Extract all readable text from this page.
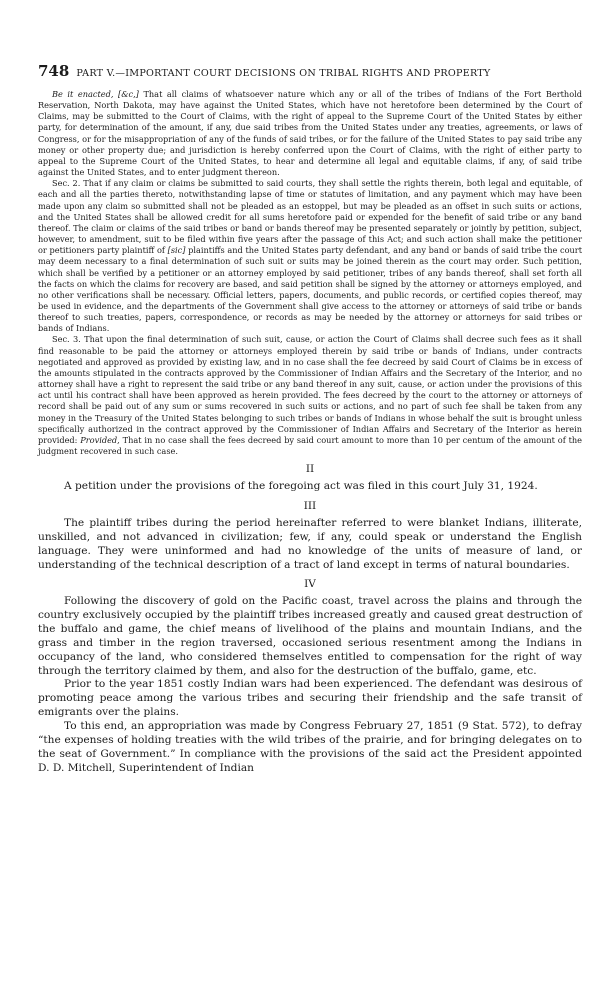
748 PART V.—IMPORTANT COURT DECISIONS ON TRIBAL RIGHTS AND PROPERTY

Be it enacted, [&c,] That all claims of whatsoever nature which any or all of the tribes of Indians of the Fort Berthold Reservation, North Dakota, may have against the United States, which have not heretofore been determined by the Court of Claims, may be submitted to the Court of Claims, with the right of appeal to the Supreme Court of the United States by either party, for determination of the amount, if any, due said tribes from the United States under any treaties, agreements, or laws of Congress, or for the misappropriation of any of the funds of said tribes, or for the failure of the United States to pay said tribe any money or other property due; and jurisdiction is hereby conferred upon the Court of Claims, with the right of either party to appeal to the Supreme Court of the United States, to hear and determine all legal and equitable claims, if any, of said tribe against the United States, and to enter judgment thereon.

Sec. 2. That if any claim or claims be submitted to said courts, they shall settle the rights therein, both legal and equitable, of each and all the parties thereto, notwithstanding lapse of time or statutes of limitation, and any payment which may have been made upon any claim so submitted shall not be pleaded as an estoppel, but may be pleaded as an offset in such suits or actions, and the United States shall be allowed credit for all sums heretofore paid or expended for the benefit of said tribe or any band thereof. The claim or claims of the said tribes or band or bands thereof may be presented separately or jointly by petition, subject, however, to amendment, suit to be filed within five years after the passage of this Act; and such action shall make the petitioner or petitioners party plaintiff of [sic] plaintiffs and the United States party defendant, and any band or bands of said tribe the court may deem necessary to a final determination of such suit or suits may be joined therein as the court may order. Such petition, which shall be verified by a petitioner or an attorney employed by said petitioner, tribes of any bands thereof, shall set forth all the facts on which the claims for recovery are based, and said petition shall be signed by the attorney or attorneys employed, and no other verifications shall be necessary. Official letters, papers, documents, and public records, or certified copies thereof, may be used in evidence, and the departments of the Government shall give access to the attorney or attorneys of said tribe or bands thereof to such treaties, papers, correspondence, or records as may be needed by the attorney or attorneys for said tribes or bands of Indians.

Sec. 3. That upon the final determination of such suit, cause, or action the Court of Claims shall decree such fees as it shall find reasonable to be paid the attorney or attorneys employed therein by said tribe or bands of Indians, under contracts negotiated and approved as provided by existing law, and in no case shall the fee decreed by said Court of Claims be in excess of the amounts stipulated in the contracts approved by the Commissioner of Indian Affairs and the Secretary of the Interior, and no attorney shall have a right to represent the said tribe or any band thereof in any suit, cause, or action under the provisions of this act until his contract shall have been approved as herein provided. The fees decreed by the court to the attorney or attorneys of record shall be paid out of any sum or sums recovered in such suits or actions, and no part of such fee shall be taken from any money in the Treasury of the United States belonging to such tribes or bands of Indians in whose behalf the suit is brought unless specifically authorized in the contract approved by the Commissioner of Indian Affairs and Secretary of the Interior as herein provided: Provided, That in no case shall the fees decreed by said court amount to more than 10 per centum of the amount of the judgment recovered in such case.

II

A petition under the provisions of the foregoing act was filed in this court July 31, 1924.

III

The plaintiff tribes during the period hereinafter referred to were blanket Indians, illiterate, unskilled, and not advanced in civilization; few, if any, could speak or understand the English language. They were uninformed and had no knowledge of the units of measure of land, or understanding of the technical description of a tract of land except in terms of natural boundaries.

IV

Following the discovery of gold on the Pacific coast, travel across the plains and through the country exclusively occupied by the plaintiff tribes increased greatly and caused great destruction of the buffalo and game, the chief means of livelihood of the plains and mountain Indians, and the grass and timber in the region traversed, occasioned serious resentment among the Indians in occupancy of the land, who considered themselves entitled to compensation for the right of way through the territory claimed by them, and also for the destruction of the buffalo, game, etc.

Prior to the year 1851 costly Indian wars had been experienced. The defendant was desirous of promoting peace among the various tribes and securing their friendship and the safe transit of emigrants over the plains.

To this end, an appropriation was made by Congress February 27, 1851 (9 Stat. 572), to defray “the expenses of holding treaties with the wild tribes of the prairie, and for bringing delegates on to the seat of Government.” In compliance with the provisions of the said act the President appointed D. D. Mitchell, Superintendent of Indian
